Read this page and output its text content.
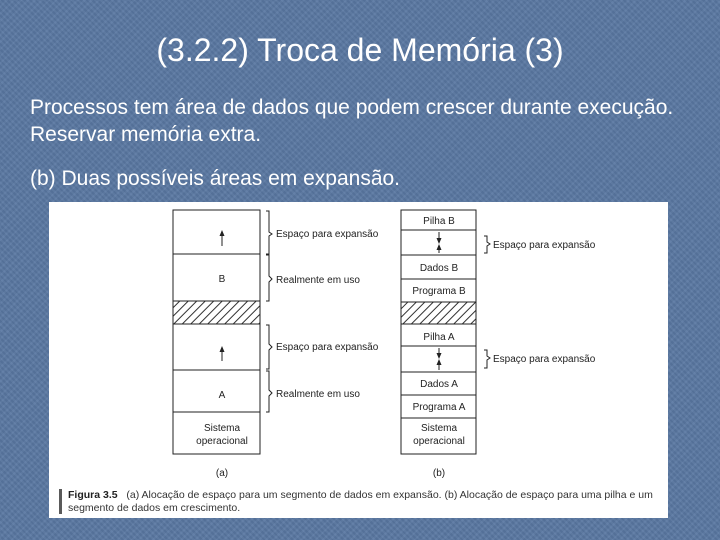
(3.2.2) Troca de Memória (3)
Processos tem área de dados que podem crescer durante execução. Reservar memória extra.
(b) Duas possíveis áreas em expansão.
B
A
Sistema
operacional
Espaço para expansão
Realmente em uso
Espaço para expansão
Realmente em uso
(a)
Pilha B
Dados B
Programa B
Pilha A
Dados A
Programa A
Sistema
operacional
Espaço para expansão
Espaço para expansão
(b)
Figura 3.5 (a) Alocação de espaço para um segmento de dados em expansão. (b) Alocação de espaço para uma pilha e um segmento de dados em crescimento.
